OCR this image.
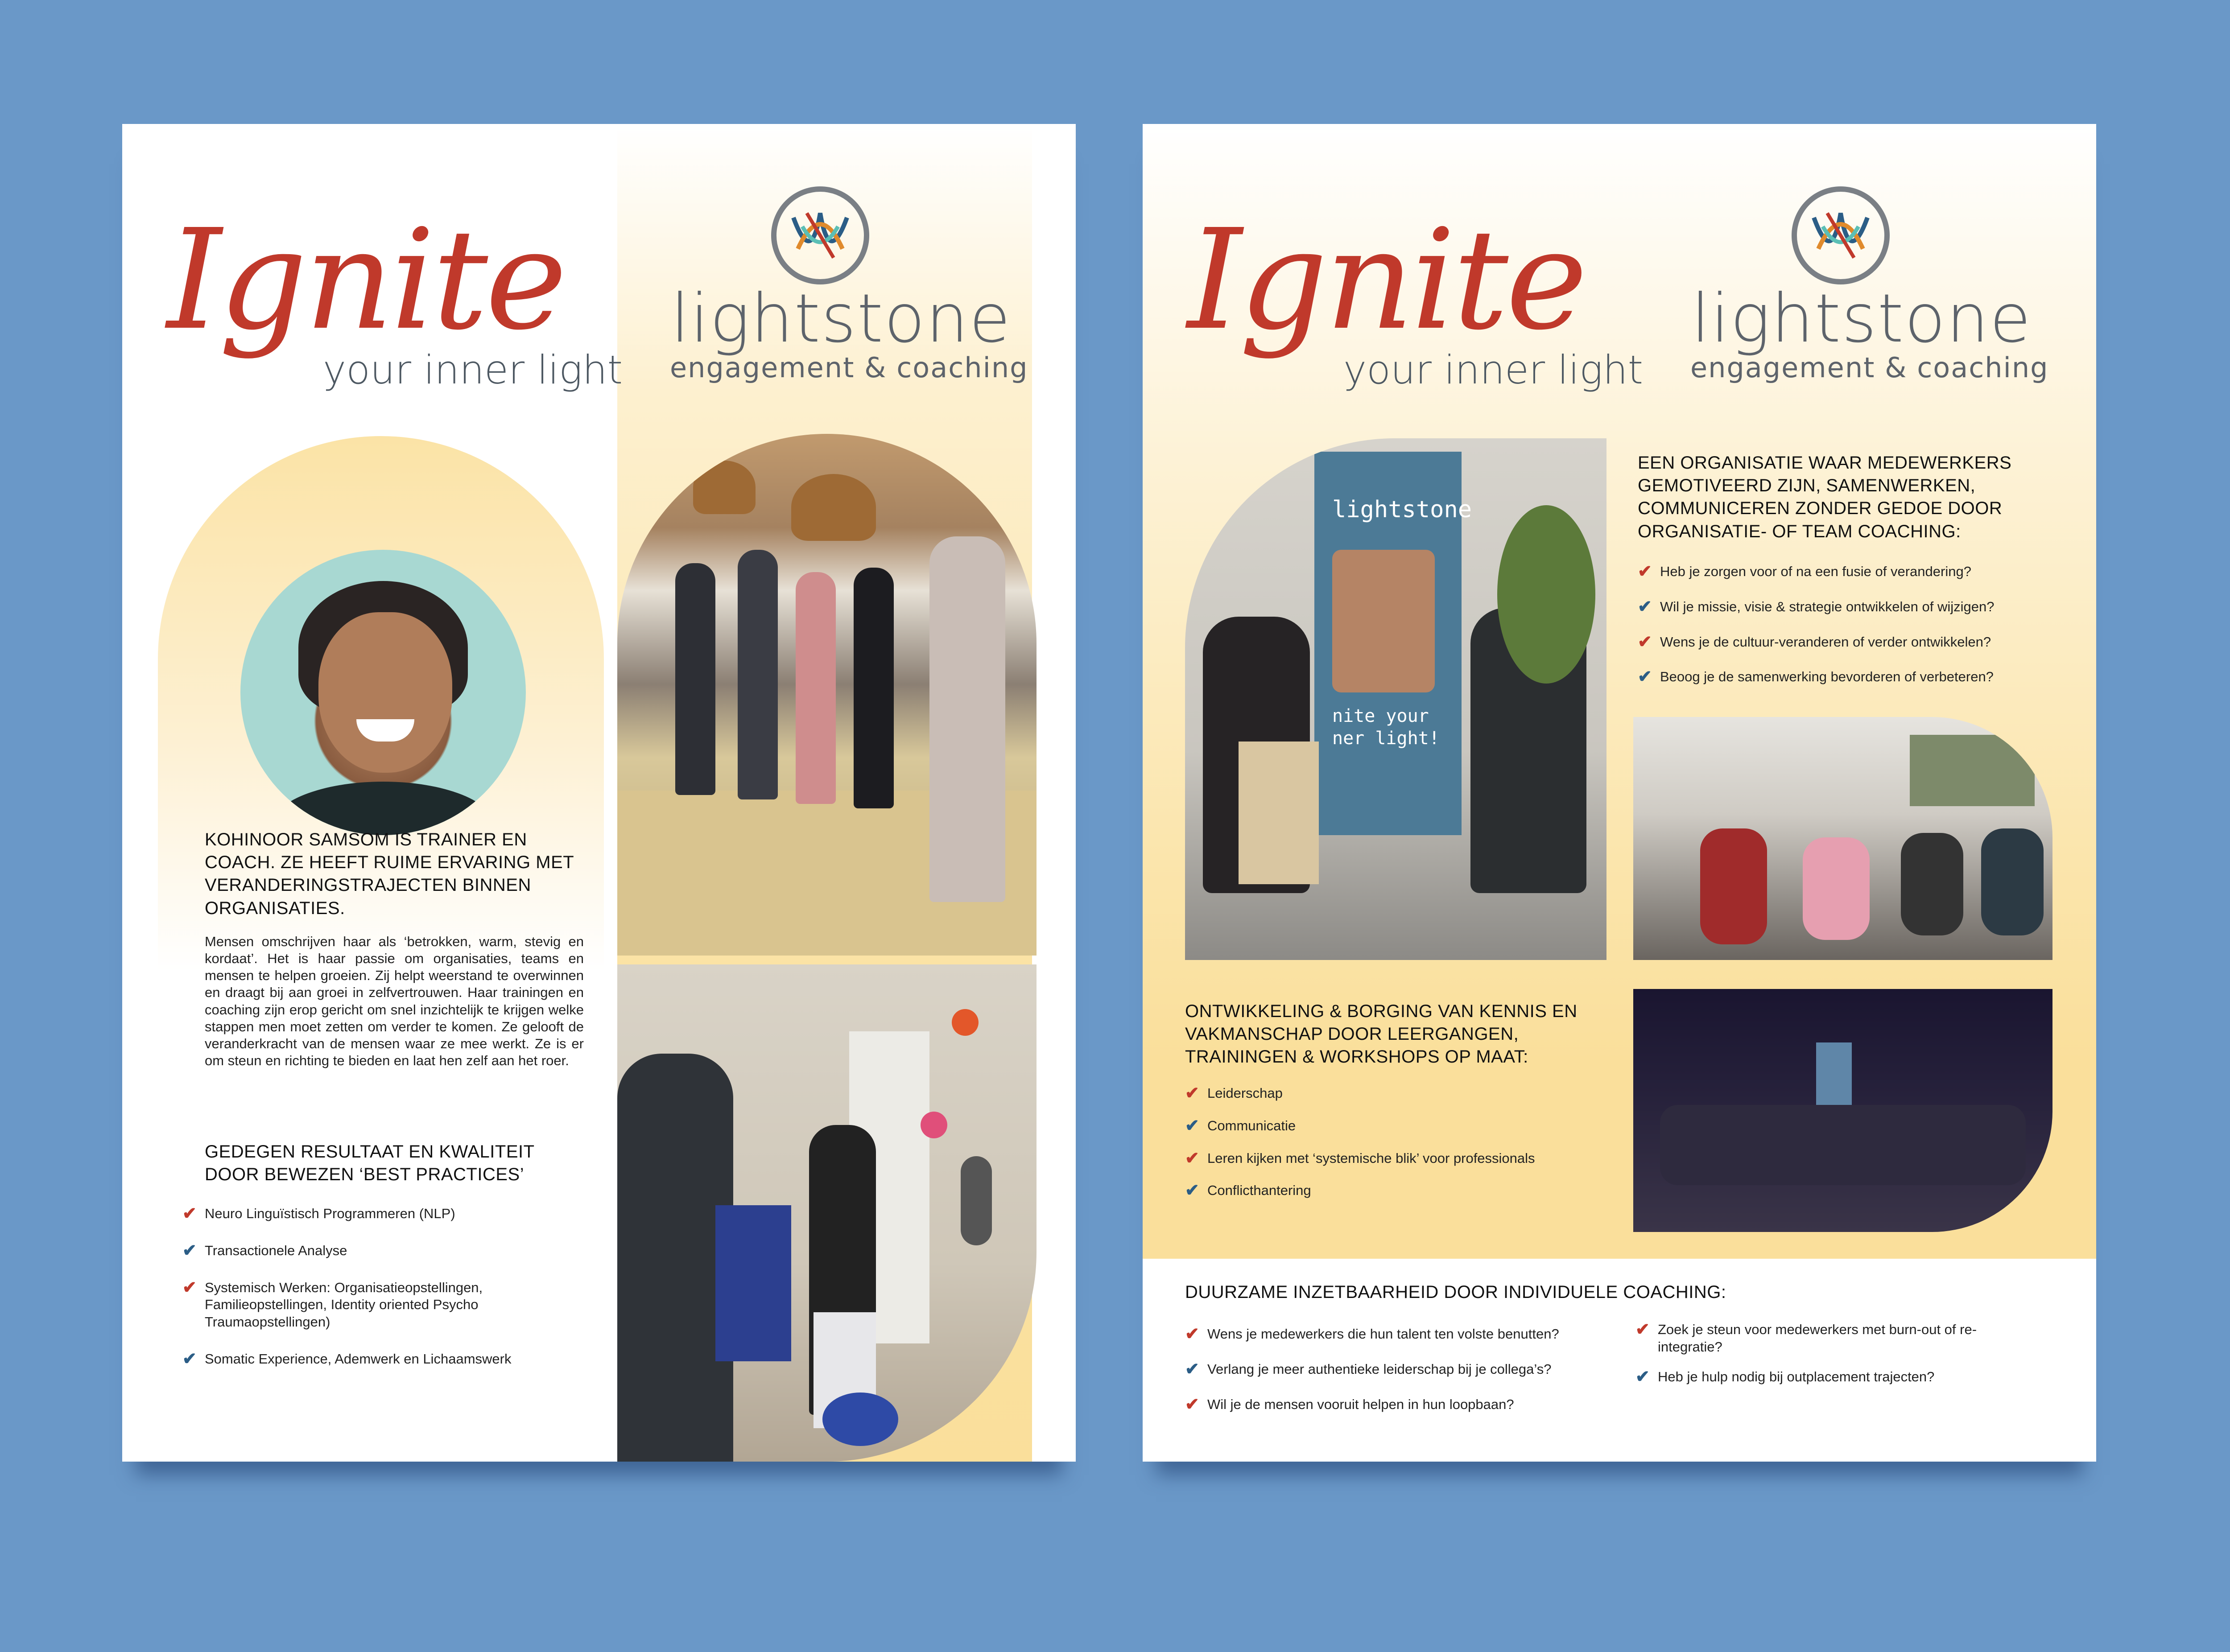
Ignite
your inner light
lightstone
engagement & coaching
KOHINOOR SAMSOM IS TRAINER EN COACH. ZE HEEFT RUIME ERVARING MET VERANDERINGSTRAJECTEN BINNEN ORGANISATIES.
Mensen omschrijven haar als ‘betrokken, warm, stevig en kordaat’. Het is haar passie om organisaties, teams en mensen te helpen groeien. Zij helpt weerstand te overwinnen en draagt bij aan groei in zelfvertrouwen. Haar trainingen en coaching zijn erop gericht om snel inzichtelijk te krijgen welke stappen men moet zetten om verder te komen. Ze gelooft de veranderkracht van de mensen waar ze mee werkt. Ze is er om steun en richting te bieden en laat hen zelf aan het roer.
GEDEGEN RESULTAAT EN KWALITEIT DOOR BEWEZEN ‘BEST PRACTICES’
✔ Neuro Linguïstisch Programmeren (NLP)
✔ Transactionele Analyse
✔ Systemisch Werken: Organisatieopstellingen, Familieopstellingen, Identity oriented Psycho Traumaopstellingen)
✔ Somatic Experience, Ademwerk en Lichaamswerk
Ignite
your inner light
lightstone
engagement & coaching
lightstone
nite your
ner light!
EEN ORGANISATIE WAAR MEDEWERKERS GEMOTIVEERD ZIJN, SAMENWERKEN, COMMUNICEREN ZONDER GEDOE DOOR ORGANISATIE- OF TEAM COACHING:
✔ Heb je zorgen voor of na een fusie of verandering?
✔ Wil je missie, visie & strategie ontwikkelen of wijzigen?
✔ Wens je de cultuur-veranderen of verder ontwikkelen?
✔ Beoog je de samenwerking bevorderen of verbeteren?
ONTWIKKELING & BORGING VAN KENNIS EN VAKMANSCHAP DOOR LEERGANGEN, TRAININGEN & WORKSHOPS OP MAAT:
✔ Leiderschap
✔ Communicatie
✔ Leren kijken met ‘systemische blik’ voor professionals
✔ Conflicthantering
DUURZAME INZETBAARHEID DOOR INDIVIDUELE COACHING:
✔ Wens je medewerkers die hun talent ten volste benutten?
✔ Verlang je meer authentieke leiderschap bij je collega’s?
✔ Wil je de mensen vooruit helpen in hun loopbaan?
✔ Zoek je steun voor medewerkers met burn-out of re-integratie?
✔ Heb je hulp nodig bij outplacement trajecten?
